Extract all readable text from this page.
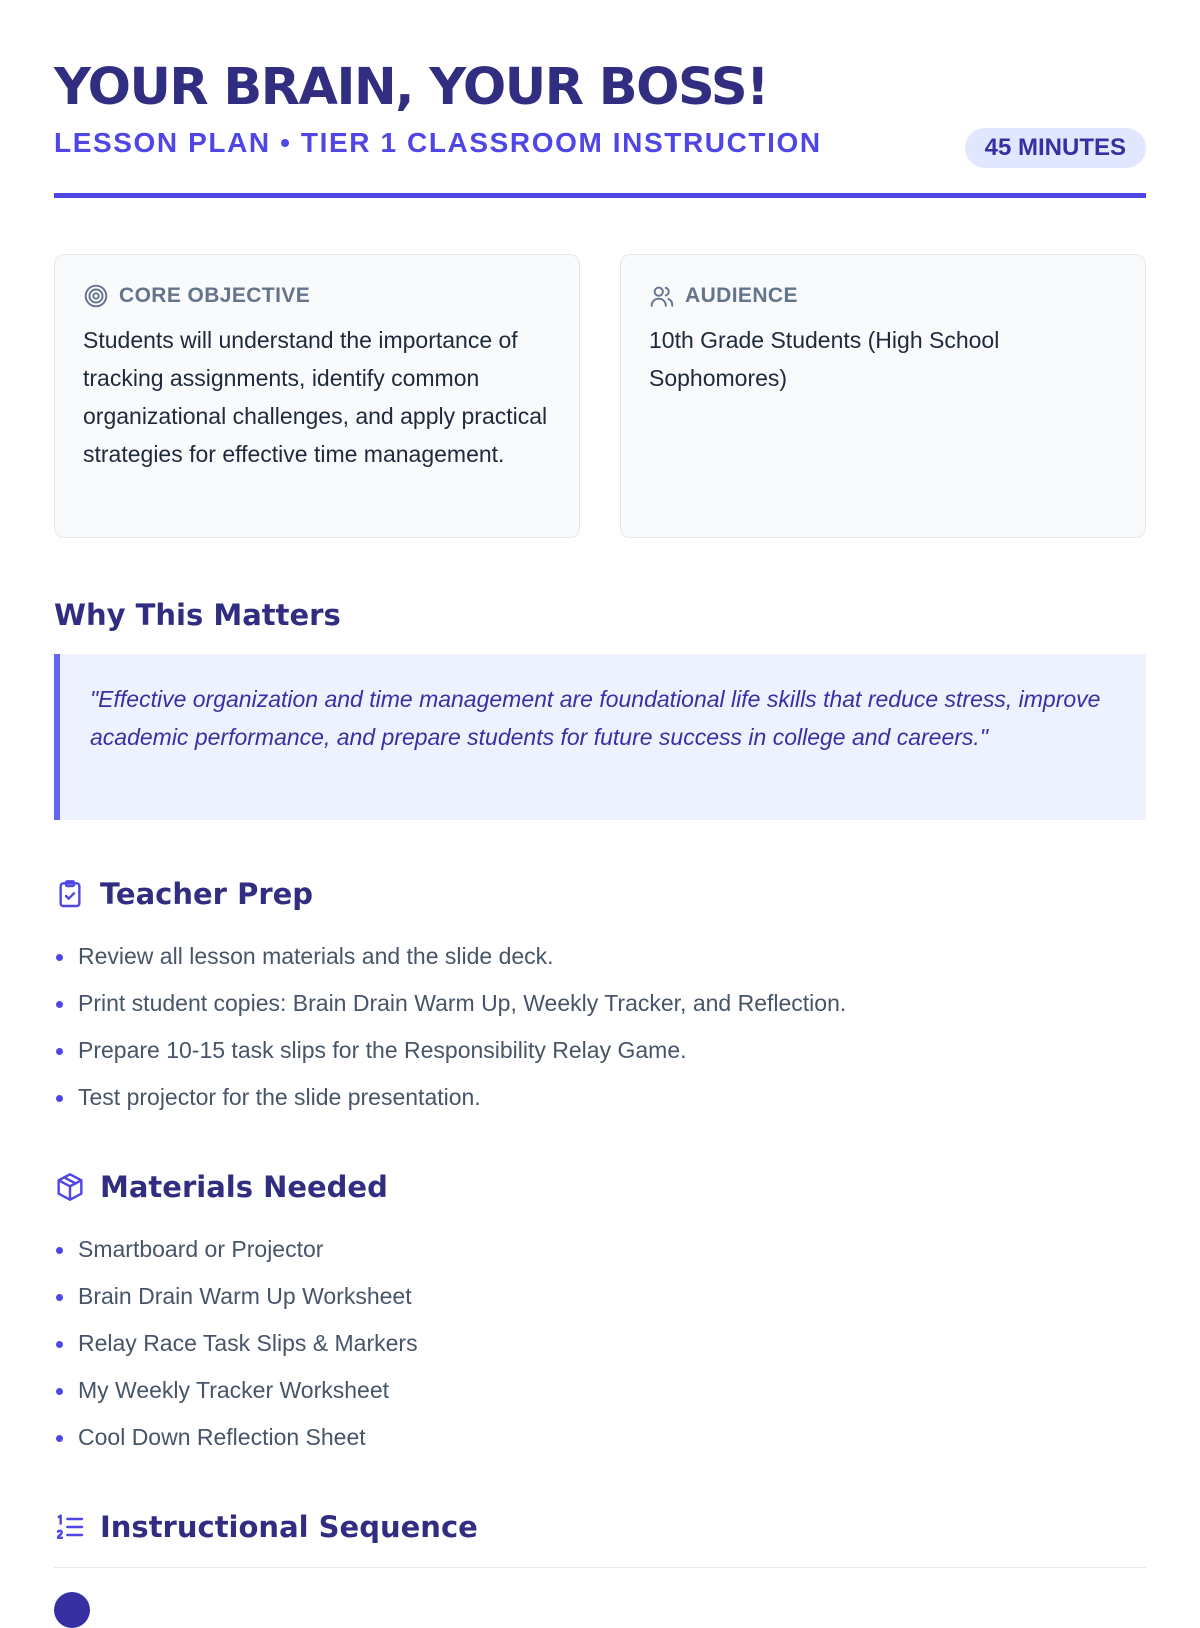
YOUR BRAIN, YOUR BOSS!
LESSON PLAN • TIER 1 CLASSROOM INSTRUCTION	45 MINUTES
CORE OBJECTIVE
Students will understand the importance of tracking assignments, identify common organizational challenges, and apply practical strategies for effective time management.
AUDIENCE
10th Grade Students (High School Sophomores)
Why This Matters
"Effective organization and time management are foundational life skills that reduce stress, improve academic performance, and prepare students for future success in college and careers."
Teacher Prep
Review all lesson materials and the slide deck.
Print student copies: Brain Drain Warm Up, Weekly Tracker, and Reflection.
Prepare 10-15 task slips for the Responsibility Relay Game.
Test projector for the slide presentation.
Materials Needed
Smartboard or Projector
Brain Drain Warm Up Worksheet
Relay Race Task Slips & Markers
My Weekly Tracker Worksheet
Cool Down Reflection Sheet
Instructional Sequence
